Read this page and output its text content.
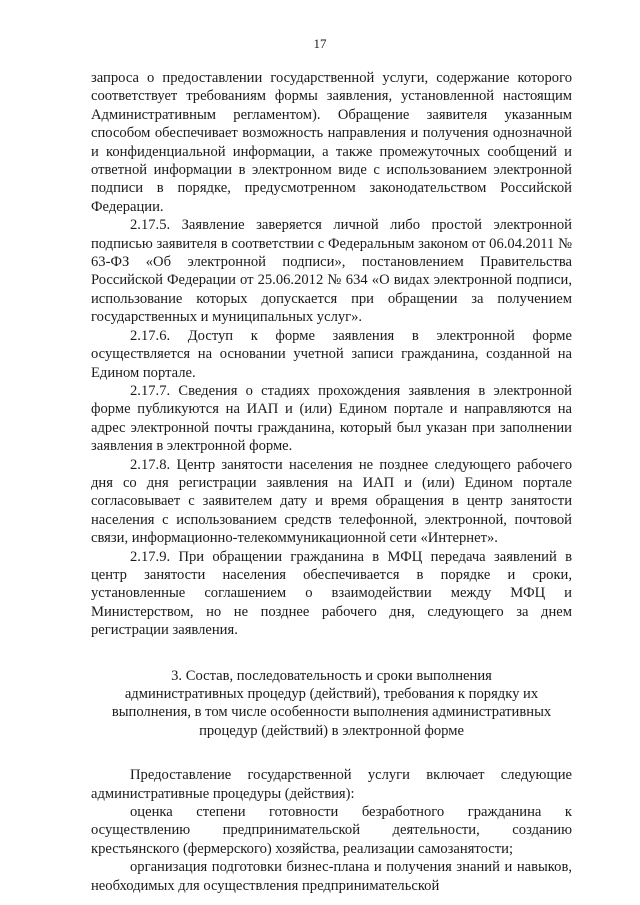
17

запроса о предоставлении государственной услуги, содержание которого соответствует требованиям формы заявления, установленной настоящим Административным регламентом). Обращение заявителя указанным способом обеспечивает возможность направления и получения однозначной и конфиденциальной информации, а также промежуточных сообщений и ответной информации в электронном виде с использованием электронной подписи в порядке, предусмотренном законодательством Российской Федерации.

2.17.5. Заявление заверяется личной либо простой электронной подписью заявителя в соответствии с Федеральным законом от 06.04.2011 № 63-ФЗ «Об электронной подписи», постановлением Правительства Российской Федерации от 25.06.2012 № 634 «О видах электронной подписи, использование которых допускается при обращении за получением государственных и муниципальных услуг».

2.17.6. Доступ к форме заявления в электронной форме осуществляется на основании учетной записи гражданина, созданной на Едином портале.

2.17.7. Сведения о стадиях прохождения заявления в электронной форме публикуются на ИАП и (или) Едином портале и направляются на адрес электронной почты гражданина, который был указан при заполнении заявления в электронной форме.

2.17.8. Центр занятости населения не позднее следующего рабочего дня со дня регистрации заявления на ИАП и (или) Едином портале согласовывает с заявителем дату и время обращения в центр занятости населения с использованием средств телефонной, электронной, почтовой связи, информационно-телекоммуникационной сети «Интернет».

2.17.9. При обращении гражданина в МФЦ передача заявлений в центр занятости населения обеспечивается в порядке и сроки, установленные соглашением о взаимодействии между МФЦ и Министерством, но не позднее рабочего дня, следующего за днем регистрации заявления.

3. Состав, последовательность и сроки выполнения
административных процедур (действий), требования к порядку их
выполнения, в том числе особенности выполнения административных
процедур (действий) в электронной форме

Предоставление государственной услуги включает следующие административные процедуры (действия):

оценка степени готовности безработного гражданина к осуществлению предпринимательской деятельности, созданию крестьянского (фермерского) хозяйства, реализации самозанятости;

организация подготовки бизнес-плана и получения знаний и навыков, необходимых для осуществления предпринимательской
